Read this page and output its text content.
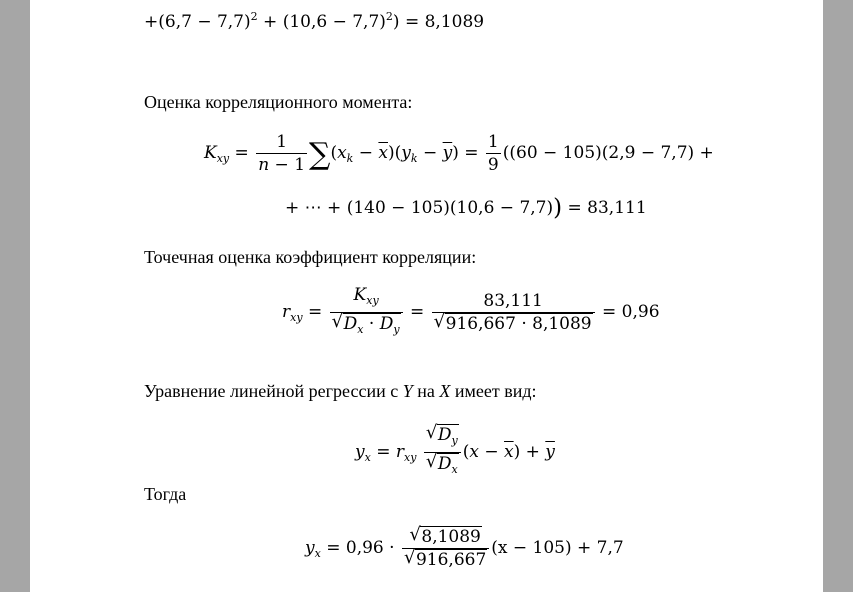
$+(6,7 - 7,7)^2 + (10,6 - 7,7)^2) = 8,1089$
Оценка корреляционного момента:
$K_{xy} = \frac{1}{n - 1} \sum(x_k - \overline{x})(y_k - \overline{y}) = \frac{1}{9} ((60 - 105)(2,9 - 7,7)$ +
+ ⋯ + (140 − 105)(10,6 − 7,7)) = 83,111
Точечная оценка коэффициент корреляции:
$r_{xy} = K_{xy}$
√ $D_x \cdot D_y = 83,111$
√ 916,667 · 8,1089 = 0,96
Уравнение линейной регрессии с Y на X имеет вид:
$y_x = r_{xy}$ √ $D_y$
√ $D_x$ $(x - \overline{x}) + \overline{y}$
Тогда
$y_x = 0,96$ · √ 8,1089
√ 916,667 (x − 105) + 7,7
